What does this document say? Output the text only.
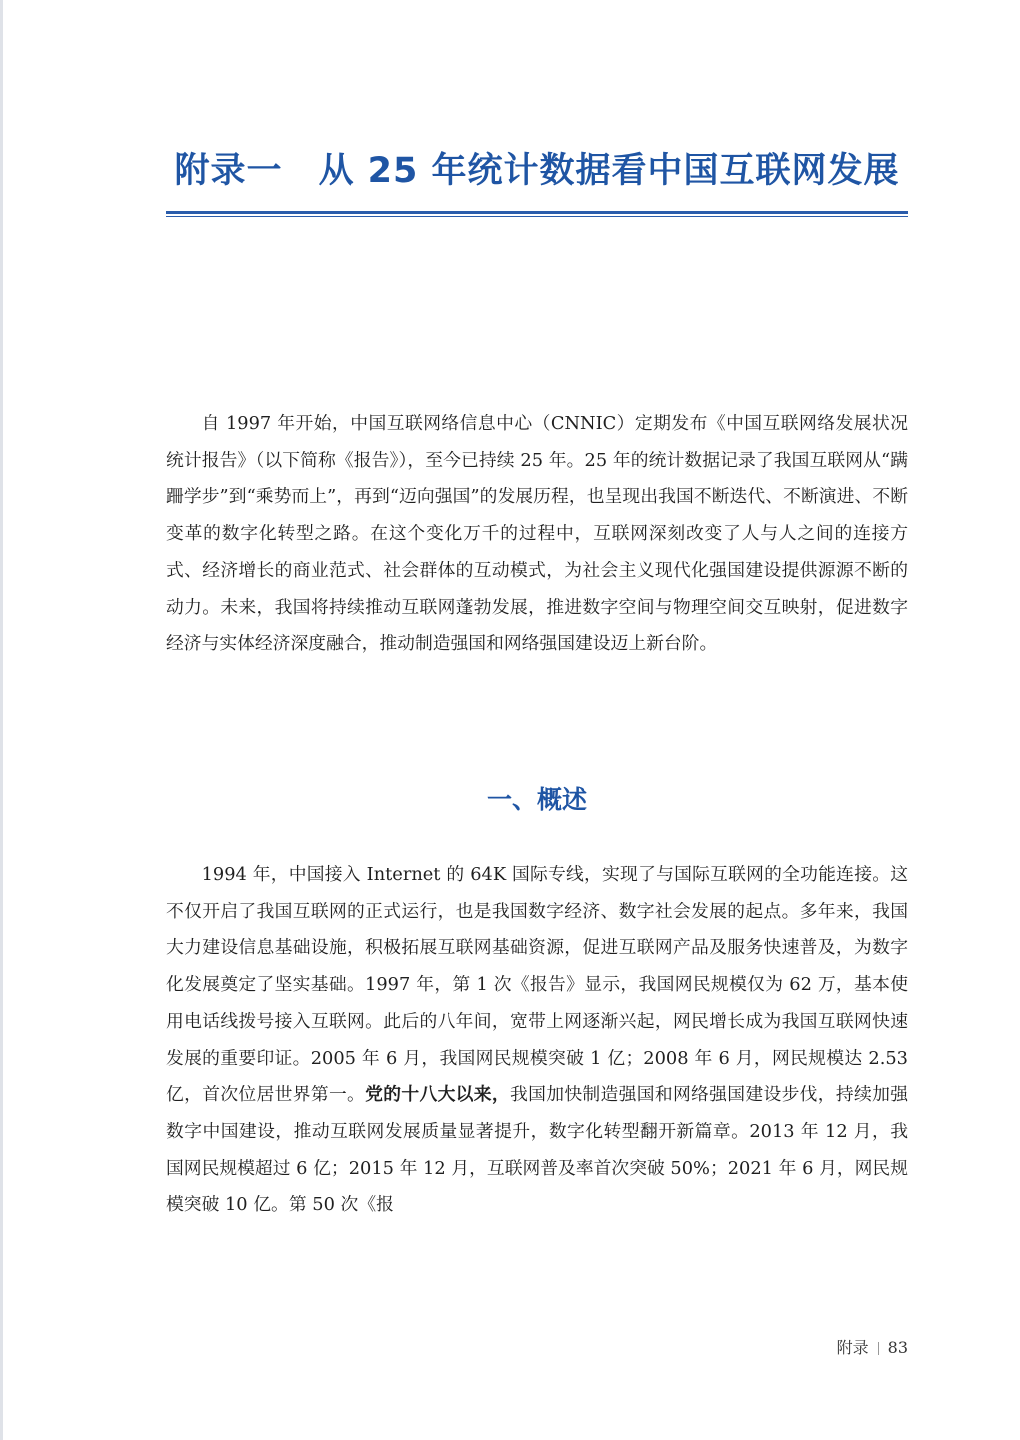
附录一　从 25 年统计数据看中国互联网发展

自 1997 年开始，中国互联网络信息中心（CNNIC）定期发布《中国互联网络发展状况统计报告》（以下简称《报告》），至今已持续 25 年。25 年的统计数据记录了我国互联网从“蹒跚学步”到“乘势而上”，再到“迈向强国”的发展历程，也呈现出我国不断迭代、不断演进、不断变革的数字化转型之路。在这个变化万千的过程中，互联网深刻改变了人与人之间的连接方式、经济增长的商业范式、社会群体的互动模式，为社会主义现代化强国建设提供源源不断的动力。未来，我国将持续推动互联网蓬勃发展，推进数字空间与物理空间交互映射，促进数字经济与实体经济深度融合，推动制造强国和网络强国建设迈上新台阶。

一、概述

1994 年，中国接入 Internet 的 64K 国际专线，实现了与国际互联网的全功能连接。这不仅开启了我国互联网的正式运行，也是我国数字经济、数字社会发展的起点。多年来，我国大力建设信息基础设施，积极拓展互联网基础资源，促进互联网产品及服务快速普及，为数字化发展奠定了坚实基础。1997 年，第 1 次《报告》显示，我国网民规模仅为 62 万，基本使用电话线拨号接入互联网。此后的八年间，宽带上网逐渐兴起，网民增长成为我国互联网快速发展的重要印证。2005 年 6 月，我国网民规模突破 1 亿；2008 年 6 月，网民规模达 2.53 亿，首次位居世界第一。党的十八大以来，我国加快制造强国和网络强国建设步伐，持续加强数字中国建设，推动互联网发展质量显著提升，数字化转型翻开新篇章。2013 年 12 月，我国网民规模超过 6 亿；2015 年 12 月，互联网普及率首次突破 50%；2021 年 6 月，网民规模突破 10 亿。第 50 次《报

附录 83
